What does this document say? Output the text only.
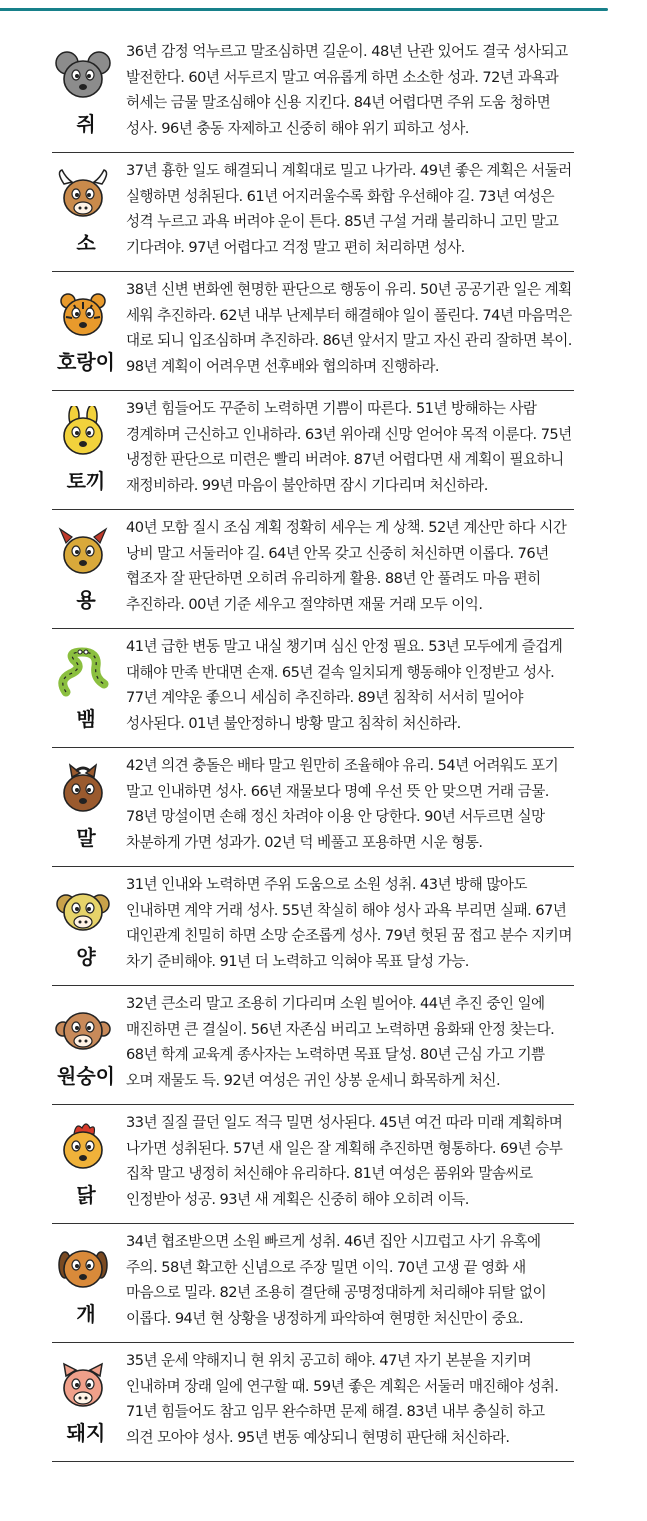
쥐

36년 감정 억누르고 말조심하면 길운이. 48년 난관 있어도 결국 성사되고 발전한다. 60년 서두르지 말고 여유롭게 하면 소소한 성과. 72년 과욕과 허세는 금물 말조심해야 신용 지킨다. 84년 어렵다면 주위 도움 청하면 성사. 96년 충동 자제하고 신중히 해야 위기 피하고 성사.

소

37년 흉한 일도 해결되니 계획대로 밀고 나가라. 49년 좋은 계획은 서둘러 실행하면 성취된다. 61년 어지러울수록 화합 우선해야 길. 73년 여성은 성격 누르고 과욕 버려야 운이 튼다. 85년 구설 거래 불리하니 고민 말고 기다려야. 97년 어렵다고 걱정 말고 편히 처리하면 성사.

호랑이

38년 신변 변화엔 현명한 판단으로 행동이 유리. 50년 공공기관 일은 계획 세워 추진하라. 62년 내부 난제부터 해결해야 일이 풀린다. 74년 마음먹은 대로 되니 입조심하며 추진하라. 86년 앞서지 말고 자신 관리 잘하면 복이. 98년 계획이 어려우면 선후배와 협의하며 진행하라.

토끼

39년 힘들어도 꾸준히 노력하면 기쁨이 따른다. 51년 방해하는 사람 경계하며 근신하고 인내하라. 63년 위아래 신망 얻어야 목적 이룬다. 75년 냉정한 판단으로 미련은 빨리 버려야. 87년 어렵다면 새 계획이 필요하니 재정비하라. 99년 마음이 불안하면 잠시 기다리며 처신하라.

용

40년 모함 질시 조심 계획 정확히 세우는 게 상책. 52년 계산만 하다 시간 낭비 말고 서둘러야 길. 64년 안목 갖고 신중히 처신하면 이롭다. 76년 협조자 잘 판단하면 오히려 유리하게 활용. 88년 안 풀려도 마음 편히 추진하라. 00년 기준 세우고 절약하면 재물 거래 모두 이익.

뱀

41년 급한 변동 말고 내실 챙기며 심신 안정 필요. 53년 모두에게 즐겁게 대해야 만족 반대면 손재. 65년 겉속 일치되게 행동해야 인정받고 성사. 77년 계약운 좋으니 세심히 추진하라. 89년 침착히 서서히 밀어야 성사된다. 01년 불안정하니 방황 말고 침착히 처신하라.

말

42년 의견 충돌은 배타 말고 원만히 조율해야 유리. 54년 어려워도 포기 말고 인내하면 성사. 66년 재물보다 명예 우선 뜻 안 맞으면 거래 금물. 78년 망설이면 손해 정신 차려야 이용 안 당한다. 90년 서두르면 실망 차분하게 가면 성과가. 02년 덕 베풀고 포용하면 시운 형통.

양

31년 인내와 노력하면 주위 도움으로 소원 성취. 43년 방해 많아도 인내하면 계약 거래 성사. 55년 착실히 해야 성사 과욕 부리면 실패. 67년 대인관계 친밀히 하면 소망 순조롭게 성사. 79년 헛된 꿈 접고 분수 지키며 차기 준비해야. 91년 더 노력하고 익혀야 목표 달성 가능.

원숭이

32년 큰소리 말고 조용히 기다리며 소원 빌어야. 44년 추진 중인 일에 매진하면 큰 결실이. 56년 자존심 버리고 노력하면 융화돼 안정 찾는다. 68년 학계 교육계 종사자는 노력하면 목표 달성. 80년 근심 가고 기쁨 오며 재물도 득. 92년 여성은 귀인 상봉 운세니 화목하게 처신.

닭

33년 질질 끌던 일도 적극 밀면 성사된다. 45년 여건 따라 미래 계획하며 나가면 성취된다. 57년 새 일은 잘 계획해 추진하면 형통하다. 69년 승부 집착 말고 냉정히 처신해야 유리하다. 81년 여성은 품위와 말솜씨로 인정받아 성공. 93년 새 계획은 신중히 해야 오히려 이득.

개

34년 협조받으면 소원 빠르게 성취. 46년 집안 시끄럽고 사기 유혹에 주의. 58년 확고한 신념으로 주장 밀면 이익. 70년 고생 끝 영화 새 마음으로 밀라. 82년 조용히 결단해 공명정대하게 처리해야 뒤탈 없이 이롭다. 94년 현 상황을 냉정하게 파악하여 현명한 처신만이 중요.

돼지

35년 운세 약해지니 현 위치 공고히 해야. 47년 자기 본분을 지키며 인내하며 장래 일에 연구할 때. 59년 좋은 계획은 서둘러 매진해야 성취. 71년 힘들어도 참고 임무 완수하면 문제 해결. 83년 내부 충실히 하고 의견 모아야 성사. 95년 변동 예상되니 현명히 판단해 처신하라.
